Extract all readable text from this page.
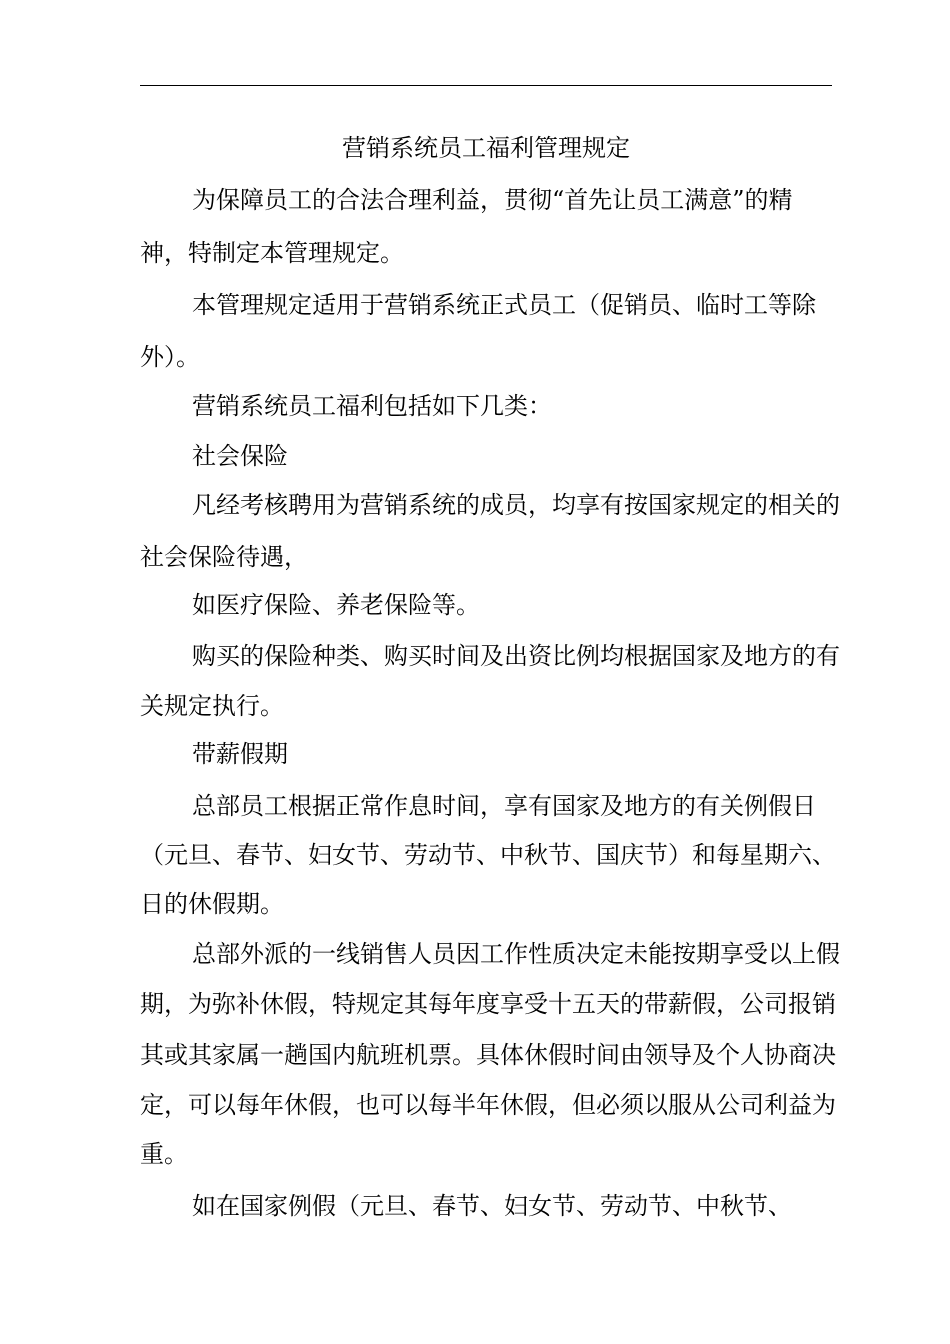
营销系统员工福利管理规定
为保障员工的合法合理利益，贯彻“首先让员工满意”的精
神，特制定本管理规定。
本管理规定适用于营销系统正式员工（促销员、临时工等除
外）。
营销系统员工福利包括如下几类：
社会保险
凡经考核聘用为营销系统的成员，均享有按国家规定的相关的
社会保险待遇，
如医疗保险、养老保险等。
购买的保险种类、购买时间及出资比例均根据国家及地方的有
关规定执行。
带薪假期
总部员工根据正常作息时间，享有国家及地方的有关例假日
（元旦、春节、妇女节、劳动节、中秋节、国庆节）和每星期六、
日的休假期。
总部外派的一线销售人员因工作性质决定未能按期享受以上假
期，为弥补休假，特规定其每年度享受十五天的带薪假，公司报销
其或其家属一趟国内航班机票。具体休假时间由领导及个人协商决
定，可以每年休假，也可以每半年休假，但必须以服从公司利益为
重。
如在国家例假（元旦、春节、妇女节、劳动节、中秋节、
